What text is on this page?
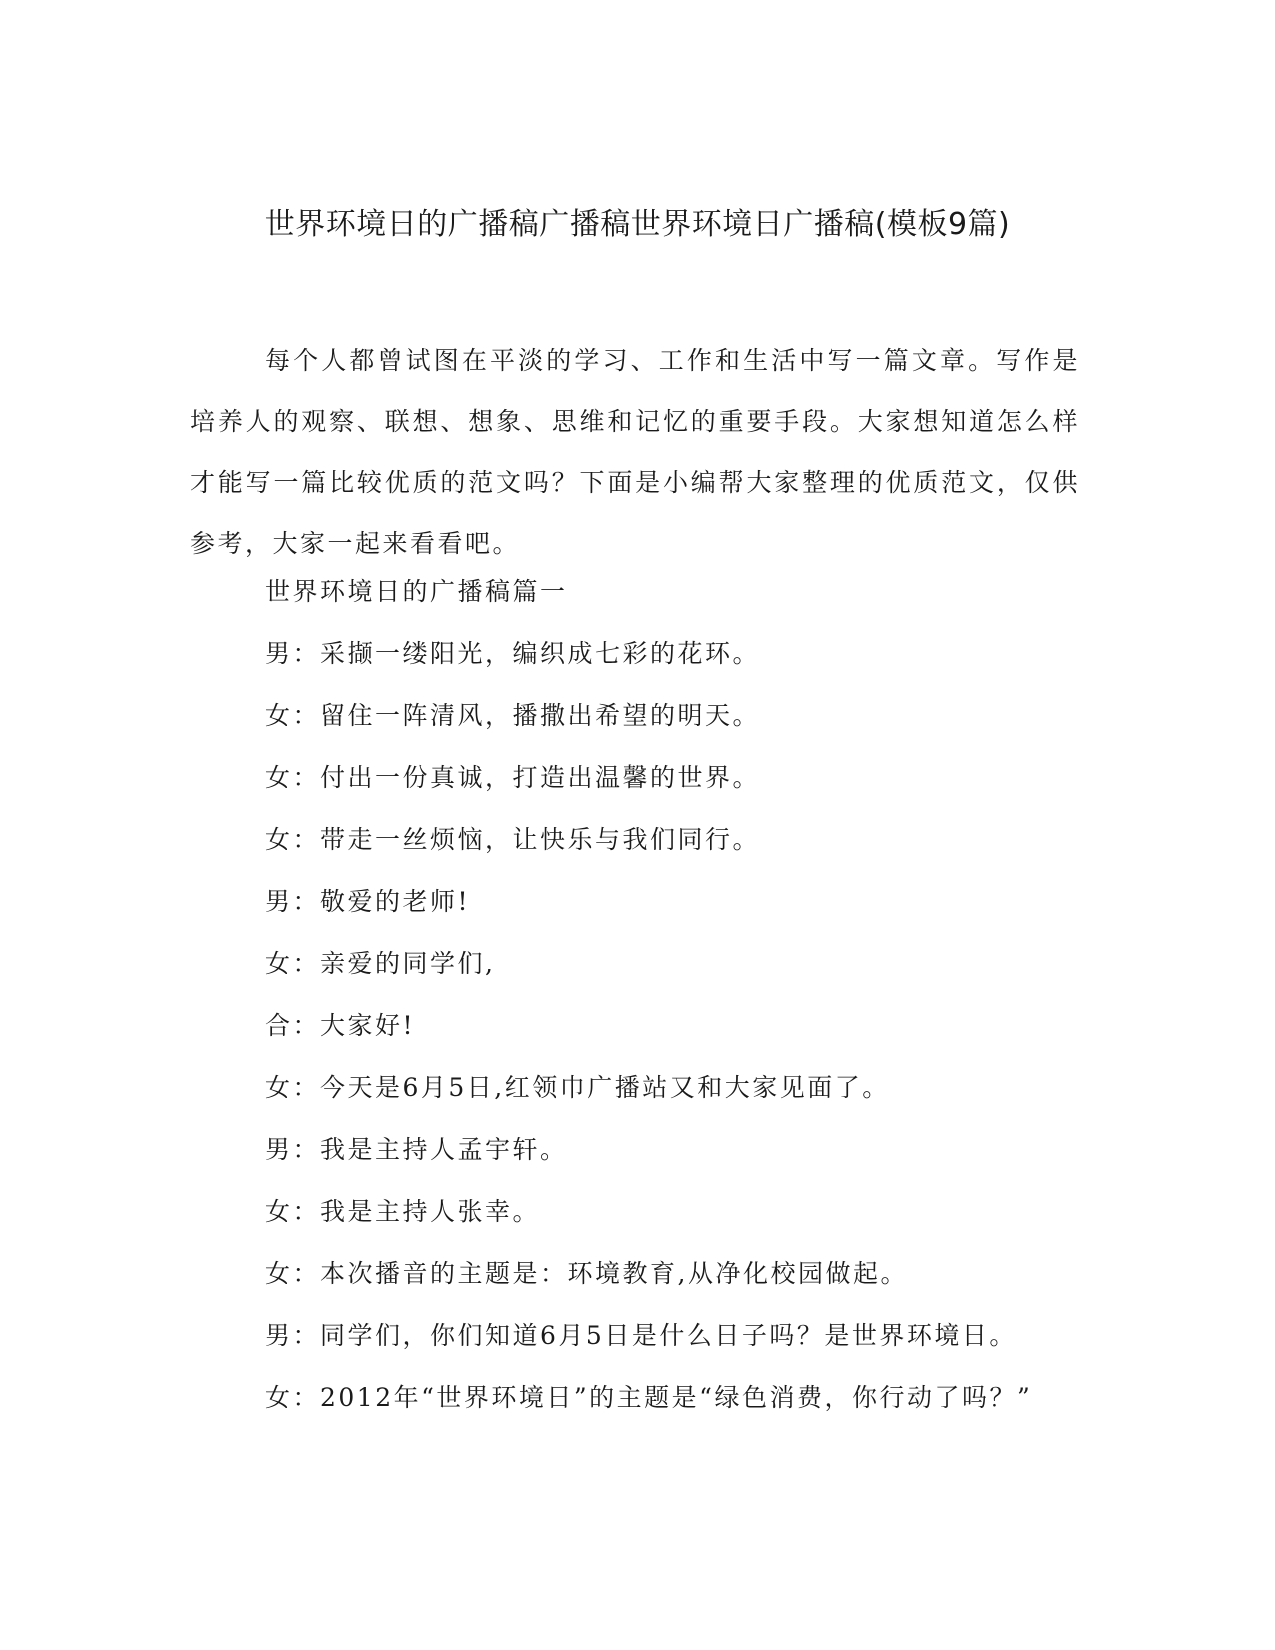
世界环境日的广播稿广播稿世界环境日广播稿(模板9篇)

每个人都曾试图在平淡的学习、工作和生活中写一篇文章。写作是培养人的观察、联想、想象、思维和记忆的重要手段。大家想知道怎么样才能写一篇比较优质的范文吗？下面是小编帮大家整理的优质范文，仅供参考，大家一起来看看吧。

世界环境日的广播稿篇一
男：采撷一缕阳光，编织成七彩的花环。
女：留住一阵清风，播撒出希望的明天。
女：付出一份真诚，打造出温馨的世界。
女：带走一丝烦恼，让快乐与我们同行。
男：敬爱的老师!
女：亲爱的同学们,
合：大家好!
女：今天是6月5日,红领巾广播站又和大家见面了。
男：我是主持人孟宇轩。
女：我是主持人张幸。
女：本次播音的主题是：环境教育,从净化校园做起。
男：同学们，你们知道6月5日是什么日子吗？是世界环境日。
女：2012年“世界环境日”的主题是“绿色消费，你行动了吗？”
